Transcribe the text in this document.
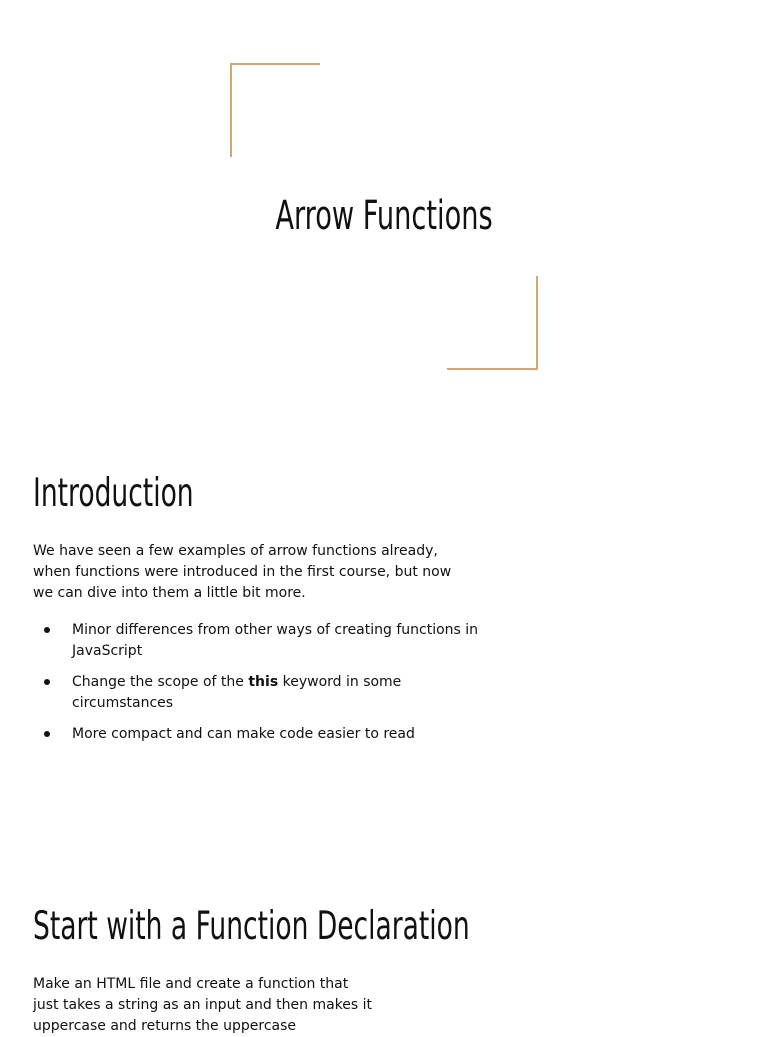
Arrow Functions
Introduction

We have seen a few examples of arrow functions already, when functions were introduced in the first course, but now we can dive into them a little bit more.

Minor differences from other ways of creating functions in JavaScript
Change the scope of the this keyword in some circumstances
More compact and can make code easier to read
Start with a Function Declaration

Make an HTML file and create a function that just takes a string as an input and then makes it uppercase and returns the uppercase
